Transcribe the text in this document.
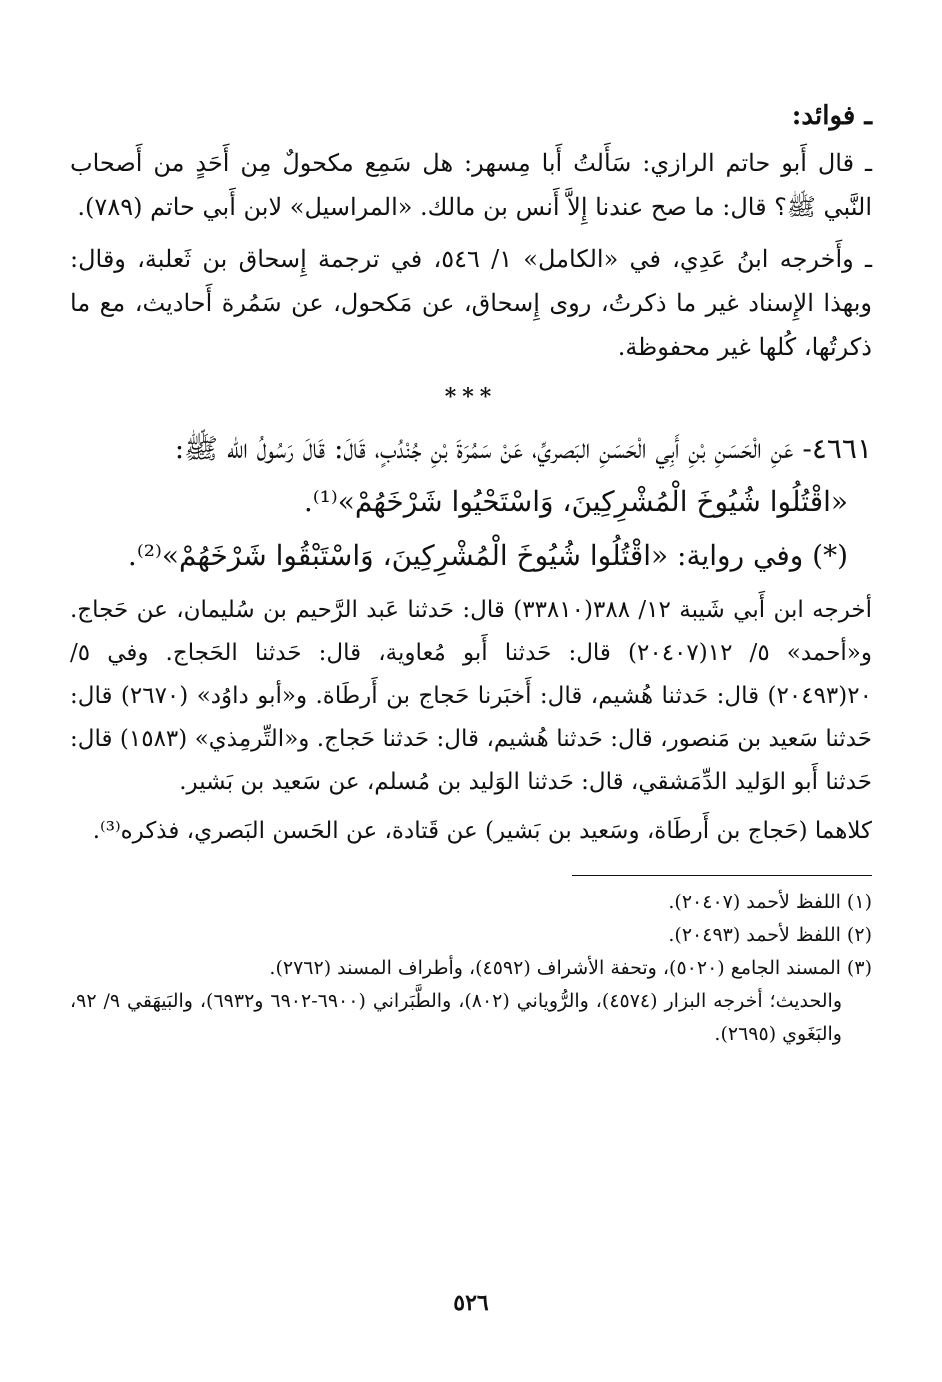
ـ فوائد:

ـ قال أَبو حاتم الرازي: سَأَلتُ أَبا مِسهر: هل سَمِع مكحولٌ مِن أَحَدٍ من أَصحاب النَّبي ﷺ؟ قال: ما صح عندنا إِلاَّ أَنس بن مالك. «المراسيل» لابن أَبي حاتم (٧٨٩).

ـ وأَخرجه ابنُ عَدِي، في «الكامل» ١/ ٥٤٦، في ترجمة إِسحاق بن ثَعلبة، وقال: وبهذا الإِسناد غير ما ذكرتُ، روى إِسحاق، عن مَكحول، عن سَمُرة أَحاديث، مع ما ذكرتُها، كُلها غير محفوظة.

***

٤٦٦١- عَنِ الْحَسَنِ بْنِ أَبِي الْحَسَنِ البَصريِّ، عَنْ سَمُرَةَ بْنِ جُنْدُبٍ، قَالَ: قَالَ رَسُولُ الله ﷺ:

«اقْتُلُوا شُيُوخَ الْمُشْرِكِينَ، وَاسْتَحْيُوا شَرْخَهُمْ»⁽¹⁾.

(*) وفي رواية: «اقْتُلُوا شُيُوخَ الْمُشْرِكِينَ، وَاسْتَبْقُوا شَرْخَهُمْ»⁽²⁾.

أخرجه ابن أَبي شَيبة ١٢/ ٣٨٨(٣٣٨١٠) قال: حَدثنا عَبد الرَّحيم بن سُليمان، عن حَجاج. و«أحمد» ٥/ ١٢(٢٠٤٠٧) قال: حَدثنا أَبو مُعاوية، قال: حَدثنا الحَجاج. وفي ٥/ ٢٠(٢٠٤٩٣) قال: حَدثنا هُشيم، قال: أَخبَرنا حَجاج بن أَرطَاة. و«أبو داوُد» (٢٦٧٠) قال: حَدثنا سَعيد بن مَنصور، قال: حَدثنا هُشيم، قال: حَدثنا حَجاج. و«التِّرمِذي» (١٥٨٣) قال: حَدثنا أَبو الوَليد الدِّمَشقي، قال: حَدثنا الوَليد بن مُسلم، عن سَعيد بن بَشير.

كلاهما (حَجاج بن أَرطَاة، وسَعيد بن بَشير) عن قَتادة، عن الحَسن البَصري، فذكره⁽³⁾.

(١) اللفظ لأحمد (٢٠٤٠٧).

(٢) اللفظ لأحمد (٢٠٤٩٣).

(٣) المسند الجامع (٥٠٢٠)، وتحفة الأشراف (٤٥٩٢)، وأطراف المسند (٢٧٦٢).

والحديث؛ أخرجه البزار (٤٥٧٤)، والرُّوياني (٨٠٢)، والطَّبَراني (٦٩٠٠-٦٩٠٢ و٦٩٣٢)، والبَيهَقي ٩/ ٩٢، والبَغَوي (٢٦٩٥).

٥٢٦
